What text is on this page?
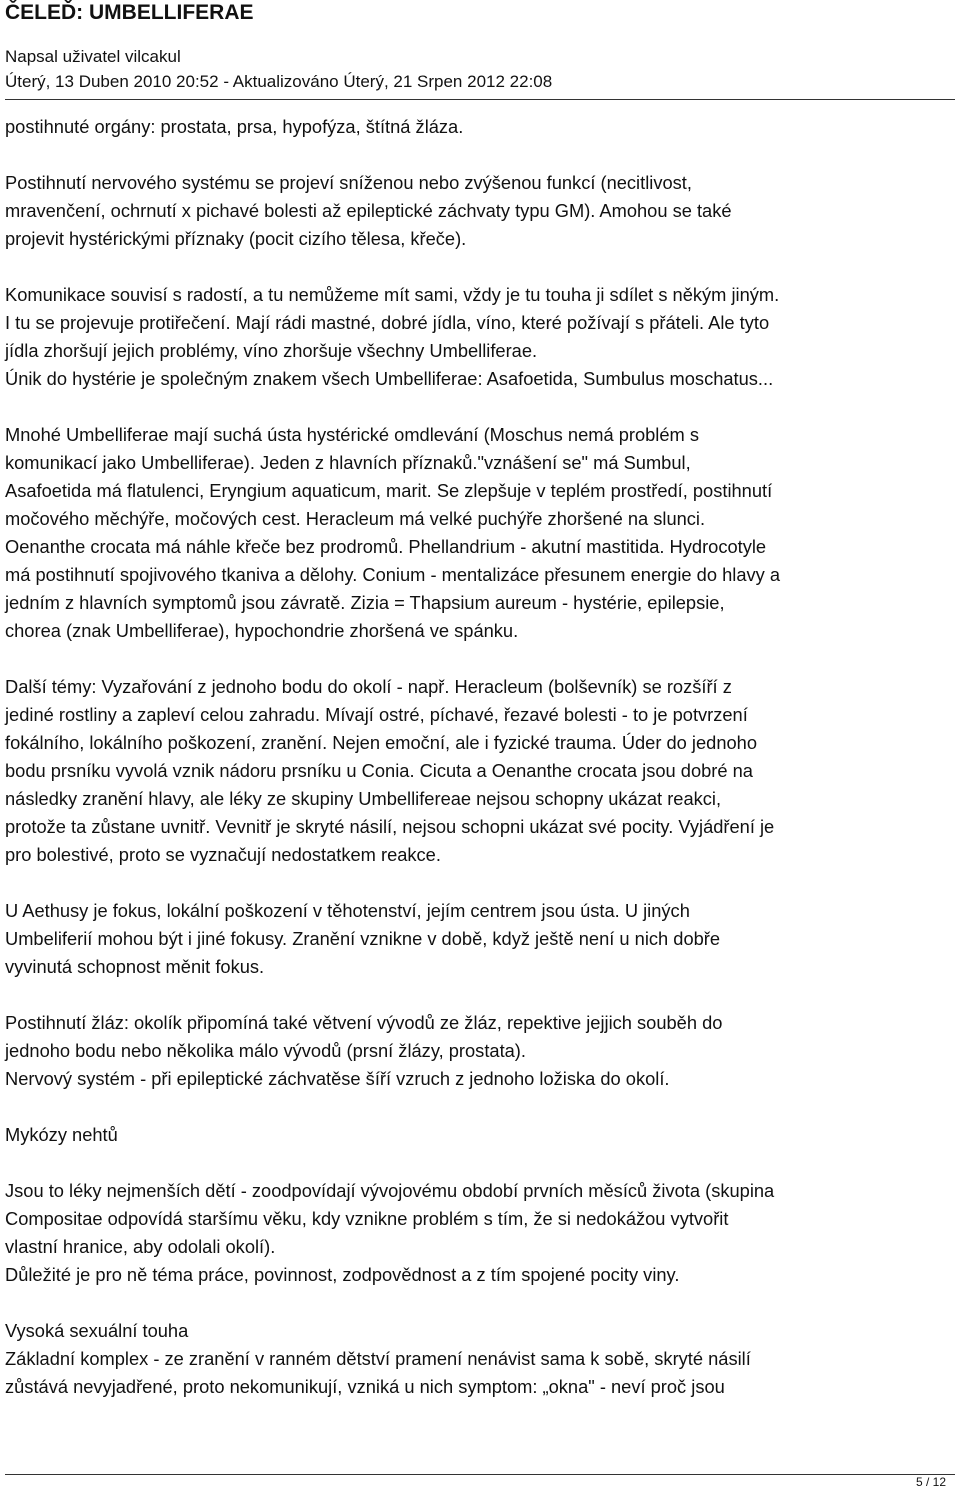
ČELEĎ: UMBELLIFERAE
Napsal uživatel vilcakul
Úterý, 13 Duben 2010 20:52 - Aktualizováno Úterý, 21 Srpen 2012 22:08

postihnuté orgány: prostata, prsa, hypofýza, štítná žláza.

Postihnutí nervového systému se projeví sníženou nebo zvýšenou funkcí (necitlivost,
mravenčení, ochrnutí x pichavé bolesti až epileptické záchvaty typu GM). Amohou se také
projevit hystérickými příznaky (pocit cizího tělesa, křeče).

Komunikace souvisí s radostí, a tu nemůžeme mít sami, vždy je tu touha ji sdílet s někým jiným.
I tu se projevuje protiřečení. Mají rádi mastné, dobré jídla, víno, které požívají s přáteli. Ale tyto
jídla zhoršují jejich problémy, víno zhoršuje všechny Umbelliferae.
Únik do hystérie je společným znakem všech Umbelliferae: Asafoetida, Sumbulus moschatus...

Mnohé Umbelliferae mají suchá ústa hystérické omdlevání (Moschus nemá problém s
komunikací jako Umbelliferae). Jeden z hlavních příznaků."vznášení se" má Sumbul,
Asafoetida má flatulenci, Eryngium aquaticum, marit. Se zlepšuje v teplém prostředí, postihnutí
močového měchýře, močových cest. Heracleum má velké puchýře zhoršené na slunci.
Oenanthe crocata má náhle křeče bez prodromů. Phellandrium - akutní mastitida. Hydrocotyle
má postihnutí spojivového tkaniva a dělohy. Conium - mentalizáce přesunem energie do hlavy a
jedním z hlavních symptomů jsou závratě. Zizia = Thapsium aureum - hystérie, epilepsie,
chorea (znak Umbelliferae), hypochondrie zhoršená ve spánku.

Další témy: Vyzařování z jednoho bodu do okolí - např. Heracleum (bolševník) se rozšíří z
jediné rostliny a zapleví celou zahradu. Mívají ostré, píchavé, řezavé bolesti - to je potvrzení
fokálního, lokálního poškození, zranění. Nejen emoční, ale i fyzické trauma. Úder do jednoho
bodu prsníku vyvolá vznik nádoru prsníku u Conia. Cicuta a Oenanthe crocata jsou dobré na
následky zranění hlavy, ale léky ze skupiny Umbellifereae nejsou schopny ukázat reakci,
protože ta zůstane uvnitř. Vevnitř je skryté násilí, nejsou schopni ukázat své pocity. Vyjádření je
pro bolestivé, proto se vyznačují nedostatkem reakce.

U Aethusy je fokus, lokální poškození v těhotenství, jejím centrem jsou ústa. U jiných
Umbeliferií mohou být i jiné fokusy. Zranění vznikne v době, když ještě není u nich dobře
vyvinutá schopnost měnit fokus.

Postihnutí žláz: okolík připomíná také větvení vývodů ze žláz, repektive jejjich souběh do
jednoho bodu nebo několika málo vývodů (prsní žlázy, prostata).
Nervový systém - při epileptické záchvatěse šíří vzruch z jednoho ložiska do okolí.

Mykózy nehtů

Jsou to léky nejmenších dětí - zoodpovídají vývojovému období prvních měsíců života (skupina
Compositae odpovídá staršímu věku, kdy vznikne problém s tím, že si nedokážou vytvořit
vlastní hranice, aby odolali okolí).
Důležité je pro ně téma práce, povinnost, zodpovědnost a z tím spojené pocity viny.

Vysoká sexuální touha
Základní komplex - ze zranění v ranném dětství pramení nenávist sama k sobě, skryté násilí
zůstává nevyjadřené, proto nekomunikují, vzniká u nich symptom: „okna" - neví proč jsou

5 / 12
